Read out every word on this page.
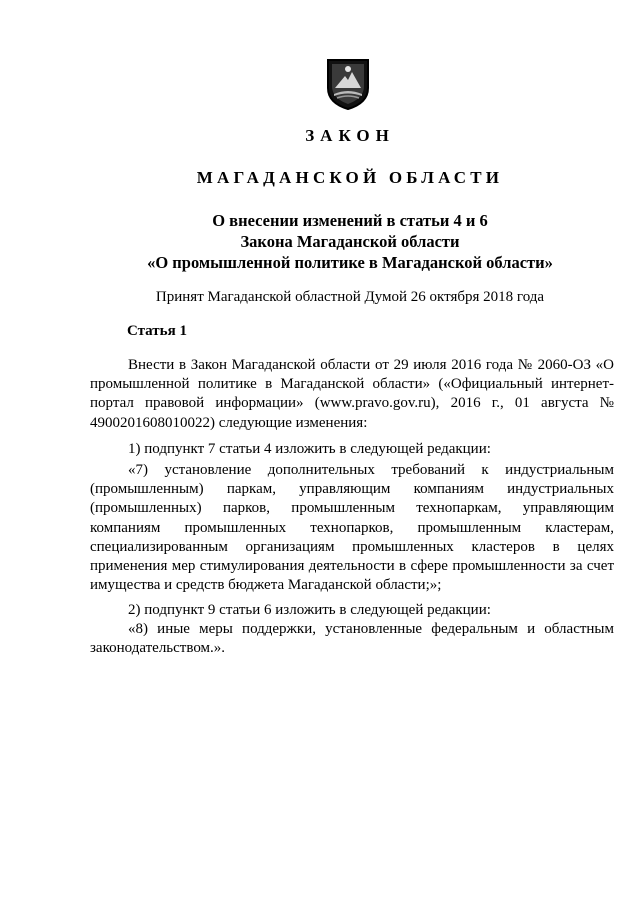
ЗАКОН
МАГАДАНСКОЙ ОБЛАСТИ
О внесении изменений в статьи 4 и 6
Закона Магаданской области
«О промышленной политике в Магаданской области»
Принят Магаданской областной Думой 26 октября 2018 года
Статья 1

Внести в Закон Магаданской области от 29 июля 2016 года № 2060-ОЗ «О промышленной политике в Магаданской области» («Официальный интернет-портал правовой информации» (www.pravo.gov.ru), 2016 г., 01 августа № 4900201608010022) следующие изменения:

1) подпункт 7 статьи 4 изложить в следующей редакции:

«7) установление дополнительных требований к индустриальным (промышленным) паркам, управляющим компаниям индустриальных (промышленных) парков, промышленным технопаркам, управляющим компаниям промышленных технопарков, промышленным кластерам, специализированным организациям промышленных кластеров в целях применения мер стимулирования деятельности в сфере промышленности за счет имущества и средств бюджета Магаданской области;»;

2) подпункт 9 статьи 6 изложить в следующей редакции:

«8) иные меры поддержки, установленные федеральным и областным законодательством.».
